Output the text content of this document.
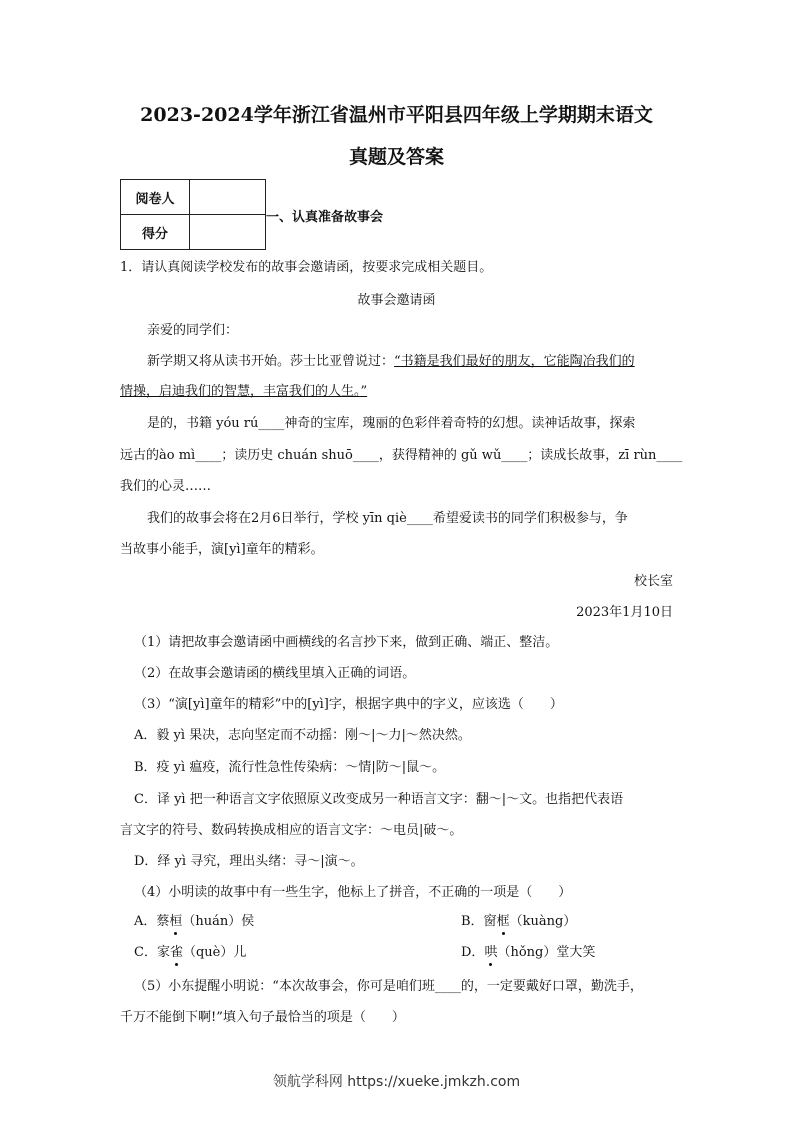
2023-2024学年浙江省温州市平阳县四年级上学期期末语文
真题及答案
阅卷人	
得分	
一、认真准备故事会
1．请认真阅读学校发布的故事会邀请函，按要求完成相关题目。
故事会邀请函
亲爱的同学们：
新学期又将从读书开始。莎士比亚曾说过：“书籍是我们最好的朋友，它能陶冶我们的
情操，启迪我们的智慧，丰富我们的人生。”
是的，书籍 yóu rú____神奇的宝库，瑰丽的色彩伴着奇特的幻想。读神话故事，探索
远古的ào mì____；读历史 chuán shuō____，获得精神的 gǔ wǔ____；读成长故事，zī rùn____
我们的心灵……
我们的故事会将在2月6日举行，学校 yīn qiè____希望爱读书的同学们积极参与，争
当故事小能手，演[yì]童年的精彩。
校长室
2023年1月10日
（1）请把故事会邀请函中画横线的名言抄下来，做到正确、端正、整洁。
（2）在故事会邀请函的横线里填入正确的词语。
（3）“演[yì]童年的精彩”中的[yì]字，根据字典中的字义，应该选（　　）
A．毅 yì 果决，志向坚定而不动摇：刚～|～力|～然决然。
B．疫 yì 瘟疫，流行性急性传染病：～情|防～|鼠～。
C．译 yì 把一种语言文字依照原义改变成另一种语言文字：翻～|～文。也指把代表语
言文字的符号、数码转换成相应的语言文字：～电员|破～。
D．绎 yì 寻究，理出头绪：寻～|演～。
（4）小明读的故事中有一些生字，他标上了拼音，不正确的一项是（　　）
A．蔡桓（huán）侯	B．窗框（kuàng）
C．家雀（què）儿	D．哄（hǒng）堂大笑
（5）小东提醒小明说：“本次故事会，你可是咱们班____的，一定要戴好口罩，勤洗手，
千万不能倒下啊!”填入句子最恰当的项是（　　）
领航学科网 https://xueke.jmkzh.com
